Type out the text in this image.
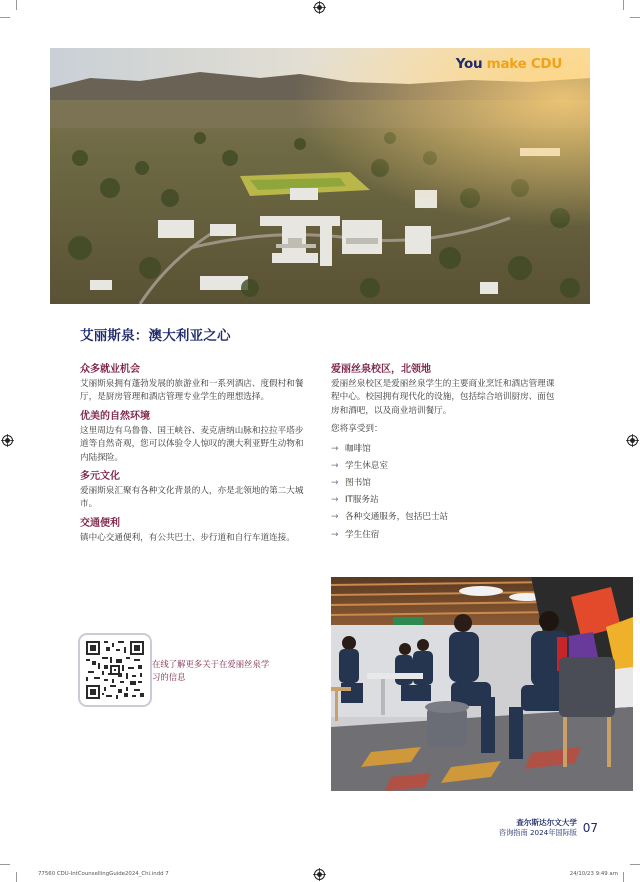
You make CDU
艾丽斯泉：澳大利亚之心
众多就业机会
艾丽斯泉拥有蓬勃发展的旅游业和一系列酒店、度假村和餐厅，是厨房管理和酒店管理专业学生的理想选择。
优美的自然环境
这里周边有乌鲁鲁、国王峡谷、麦克唐纳山脉和拉拉平塔步道等自然奇观，您可以体验令人惊叹的澳大利亚野生动物和内陆探险。
多元文化
爱丽斯泉汇聚有各种文化背景的人，亦是北领地的第二大城市。
交通便利
镇中心交通便利，有公共巴士、步行道和自行车道连接。
爱丽丝泉校区，北领地
爱丽丝泉校区是爱丽丝泉学生的主要商业烹饪和酒店管理课程中心。校园拥有现代化的设施，包括综合培训厨房、面包房和酒吧，以及商业培训餐厅。
您将享受到：
→ 咖啡馆
→ 学生休息室
→ 图书馆
→ IT服务站
→ 各种交通服务，包括巴士站
→ 学生住宿
在线了解更多关于在爱丽丝泉学习的信息
查尔斯达尔文大学
咨询指南 2024年国际版 07
77560 CDU-IntCounsellingGuide2024_Chi.indd 7	24/10/23 9:49 am
